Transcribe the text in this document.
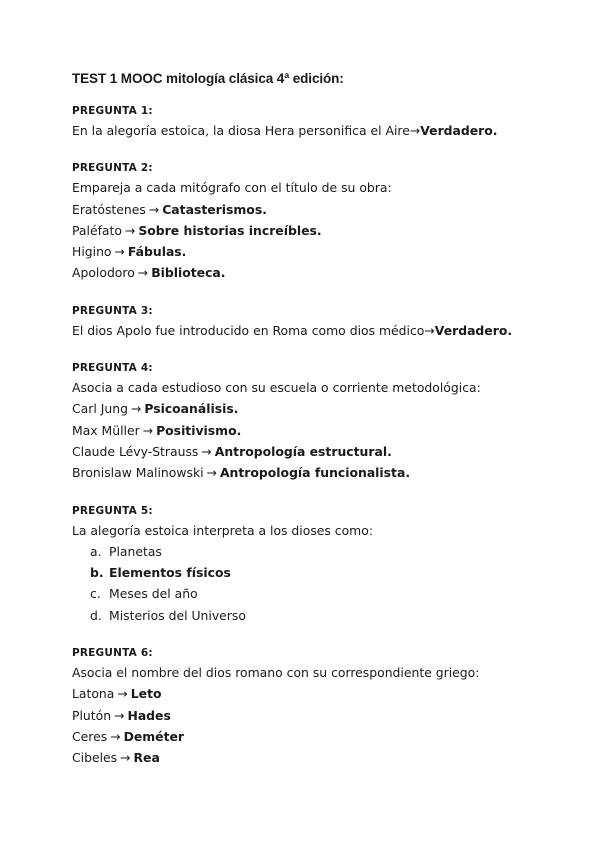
TEST 1 MOOC mitología clásica 4ª edición:
PREGUNTA 1:

En la alegoría estoica, la diosa Hera personifica el Aire→Verdadero.

PREGUNTA 2:

Empareja a cada mitógrafo con el título de su obra:

Eratóstenes → Catasterismos.

Paléfato → Sobre historias increíbles.

Higino → Fábulas.

Apolodoro → Biblioteca.

PREGUNTA 3:

El dios Apolo fue introducido en Roma como dios médico→Verdadero.

PREGUNTA 4:

Asocia a cada estudioso con su escuela o corriente metodológica:

Carl Jung → Psicoanálisis.

Max Müller → Positivismo.

Claude Lévy-Strauss → Antropología estructural.

Bronislaw Malinowski → Antropología funcionalista.

PREGUNTA 5:

La alegoría estoica interpreta a los dioses como:

a. Planetas
b. Elementos físicos
c. Meses del año
d. Misterios del Universo
PREGUNTA 6:

Asocia el nombre del dios romano con su correspondiente griego:

Latona → Leto

Plutón → Hades

Ceres → Deméter

Cibeles → Rea
